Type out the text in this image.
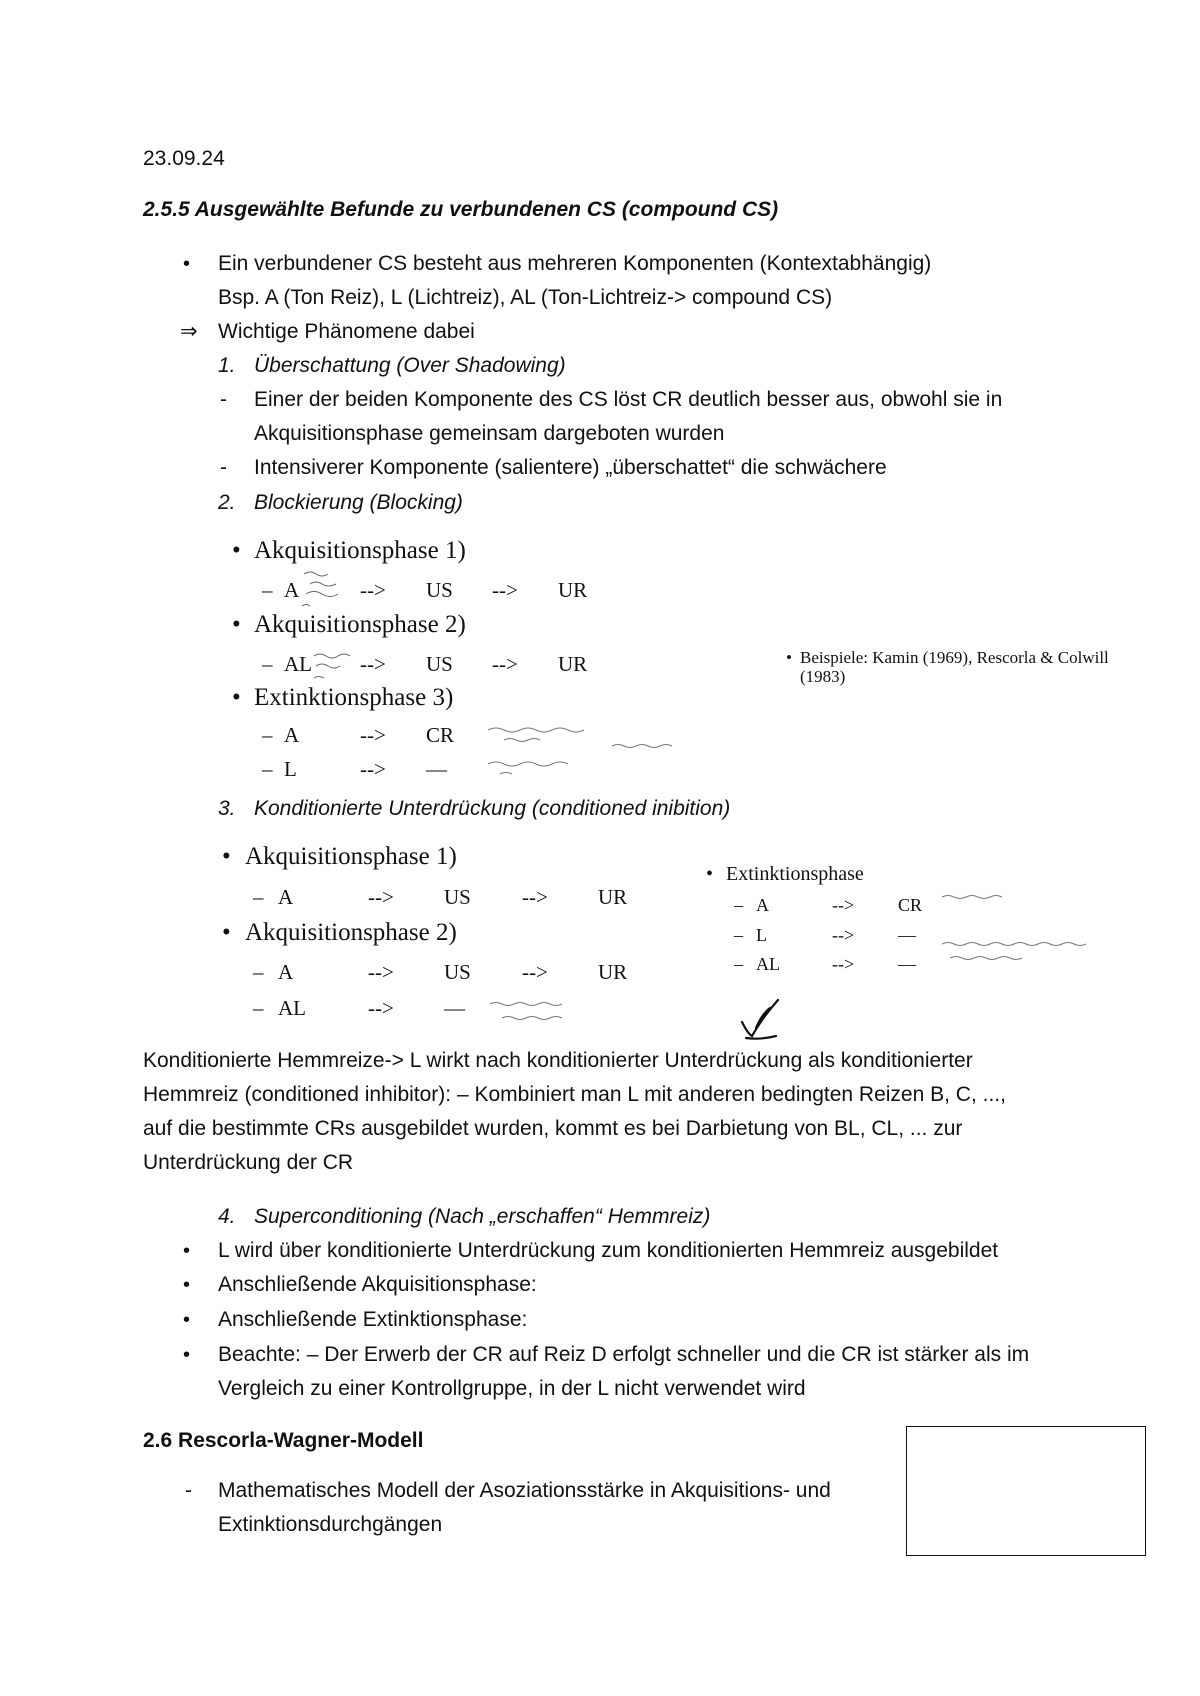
23.09.24
2.5.5 Ausgewählte Befunde zu verbundenen CS (compound CS)
• Ein verbundener CS besteht aus mehreren Komponenten (Kontextabhängig)
Bsp. A (Ton Reiz), L (Lichtreiz), AL (Ton-Lichtreiz-> compound CS)
⇒ Wichtige Phänomene dabei
1. Überschattung (Over Shadowing)
- Einer der beiden Komponente des CS löst CR deutlich besser aus, obwohl sie in
Akquisitionsphase gemeinsam dargeboten wurden
- Intensiverer Komponente (salientere) „überschattet“ die schwächere
2. Blockierung (Blocking)
• Akquisitionsphase 1)
– A	--> US --> UR
• Akquisitionsphase 2)
– AL --> US --> UR
• Extinktionsphase 3)
– A	--> CR
– L	--> —
• Beispiele: Kamin (1969), Rescorla & Colwill
(1983)
3. Konditionierte Unterdrückung (conditioned inibition)
• Akquisitionsphase 1)
– A	--> US --> UR
• Akquisitionsphase 2)
– A	--> US --> UR
– AL	--> —
• Extinktionsphase
– A	--> CR
– L	--> —
– AL	--> —
Konditionierte Hemmreize-> L wirkt nach konditionierter Unterdrückung als konditionierter
Hemmreiz (conditioned inhibitor): – Kombiniert man L mit anderen bedingten Reizen B, C, ...,
auf die bestimmte CRs ausgebildet wurden, kommt es bei Darbietung von BL, CL, ... zur
Unterdrückung der CR
4. Superconditioning (Nach „erschaffen“ Hemmreiz)
• L wird über konditionierte Unterdrückung zum konditionierten Hemmreiz ausgebildet
• Anschließende Akquisitionsphase:
• Anschließende Extinktionsphase:
• Beachte: – Der Erwerb der CR auf Reiz D erfolgt schneller und die CR ist stärker als im
Vergleich zu einer Kontrollgruppe, in der L nicht verwendet wird
2.6 Rescorla-Wagner-Modell
- Mathematisches Modell der Asoziationsstärke in Akquisitions- und
Extinktionsdurchgängen
